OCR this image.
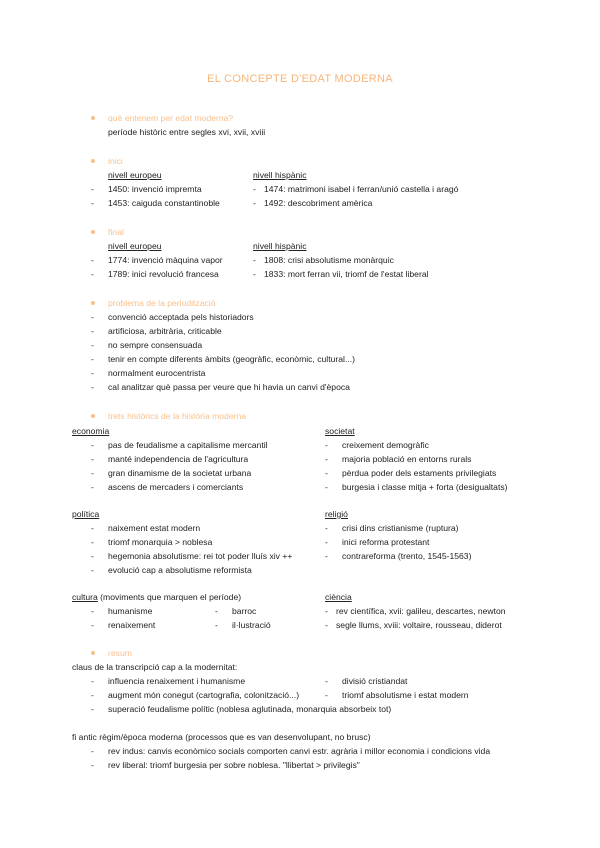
EL CONCEPTE D'EDAT MODERNA
què entenem per edat moderna?
període històric entre segles xvi, xvii, xviii
inici
nivell europeu	nivell hispànic
- 1450: invenció impremta
- 1453: caiguda constantinoble
- 1474: matrimoni isabel i ferran/unió castella i aragó
- 1492: descobriment amèrica
final
nivell europeu	nivell hispànic
- 1774: invenció màquina vapor
- 1789: inici revolució francesa
- 1808: crisi absolutisme monàrquic
- 1833: mort ferran vii, triomf de l'estat liberal
problema de la periodització
- convenció acceptada pels historiadors
- artificiosa, arbitrària, criticable
- no sempre consensuada
- tenir en compte diferents àmbits (geogràfic, econòmic, cultural...)
- normalment eurocentrista
- cal analitzar què passa per veure que hi havia un canvi d'època
trets històrics de la història moderna
economia
- pas de feudalisme a capitalisme mercantil
- manté independencia de l'agricultura
- gran dinamisme de la societat urbana
- ascens de mercaders i comerciants
societat
- creixement demogràfic
- majoria població en entorns rurals
- pèrdua poder dels estaments privilegiats
- burgesia i classe mitja + forta (desigualtats)
política
- naixement estat modern
- triomf monarquia > noblesa
- hegemonia absolutisme: rei tot poder lluís xiv ++
- evolució cap a absolutisme reformista
religió
- crisi dins cristianisme (ruptura)
- inici reforma protestant
- contrareforma (trento, 1545-1563)
cultura (moviments que marquen el període)
- humanisme
- renaixement
- barroc
- il·lustració
ciència
- rev científica, xvii: galileu, descartes, newton
- segle llums, xviii: voltaire, rousseau, diderot
resum
claus de la transcripció cap a la modernitat:
- influencia renaixement i humanisme
- augment món conegut (cartografia, colonització...)
- superació feudalisme polític (noblesa aglutinada, monarquia absorbeix tot)
- divisió cristiandat
- triomf absolutisme i estat modern
fi antic règim/època moderna (processos que es van desenvolupant, no brusc)
- rev indus: canvis econòmico socials comporten canvi estr. agrària i millor economia i condicions vida
- rev liberal: triomf burgesia per sobre noblesa. "llibertat > privilegis"
